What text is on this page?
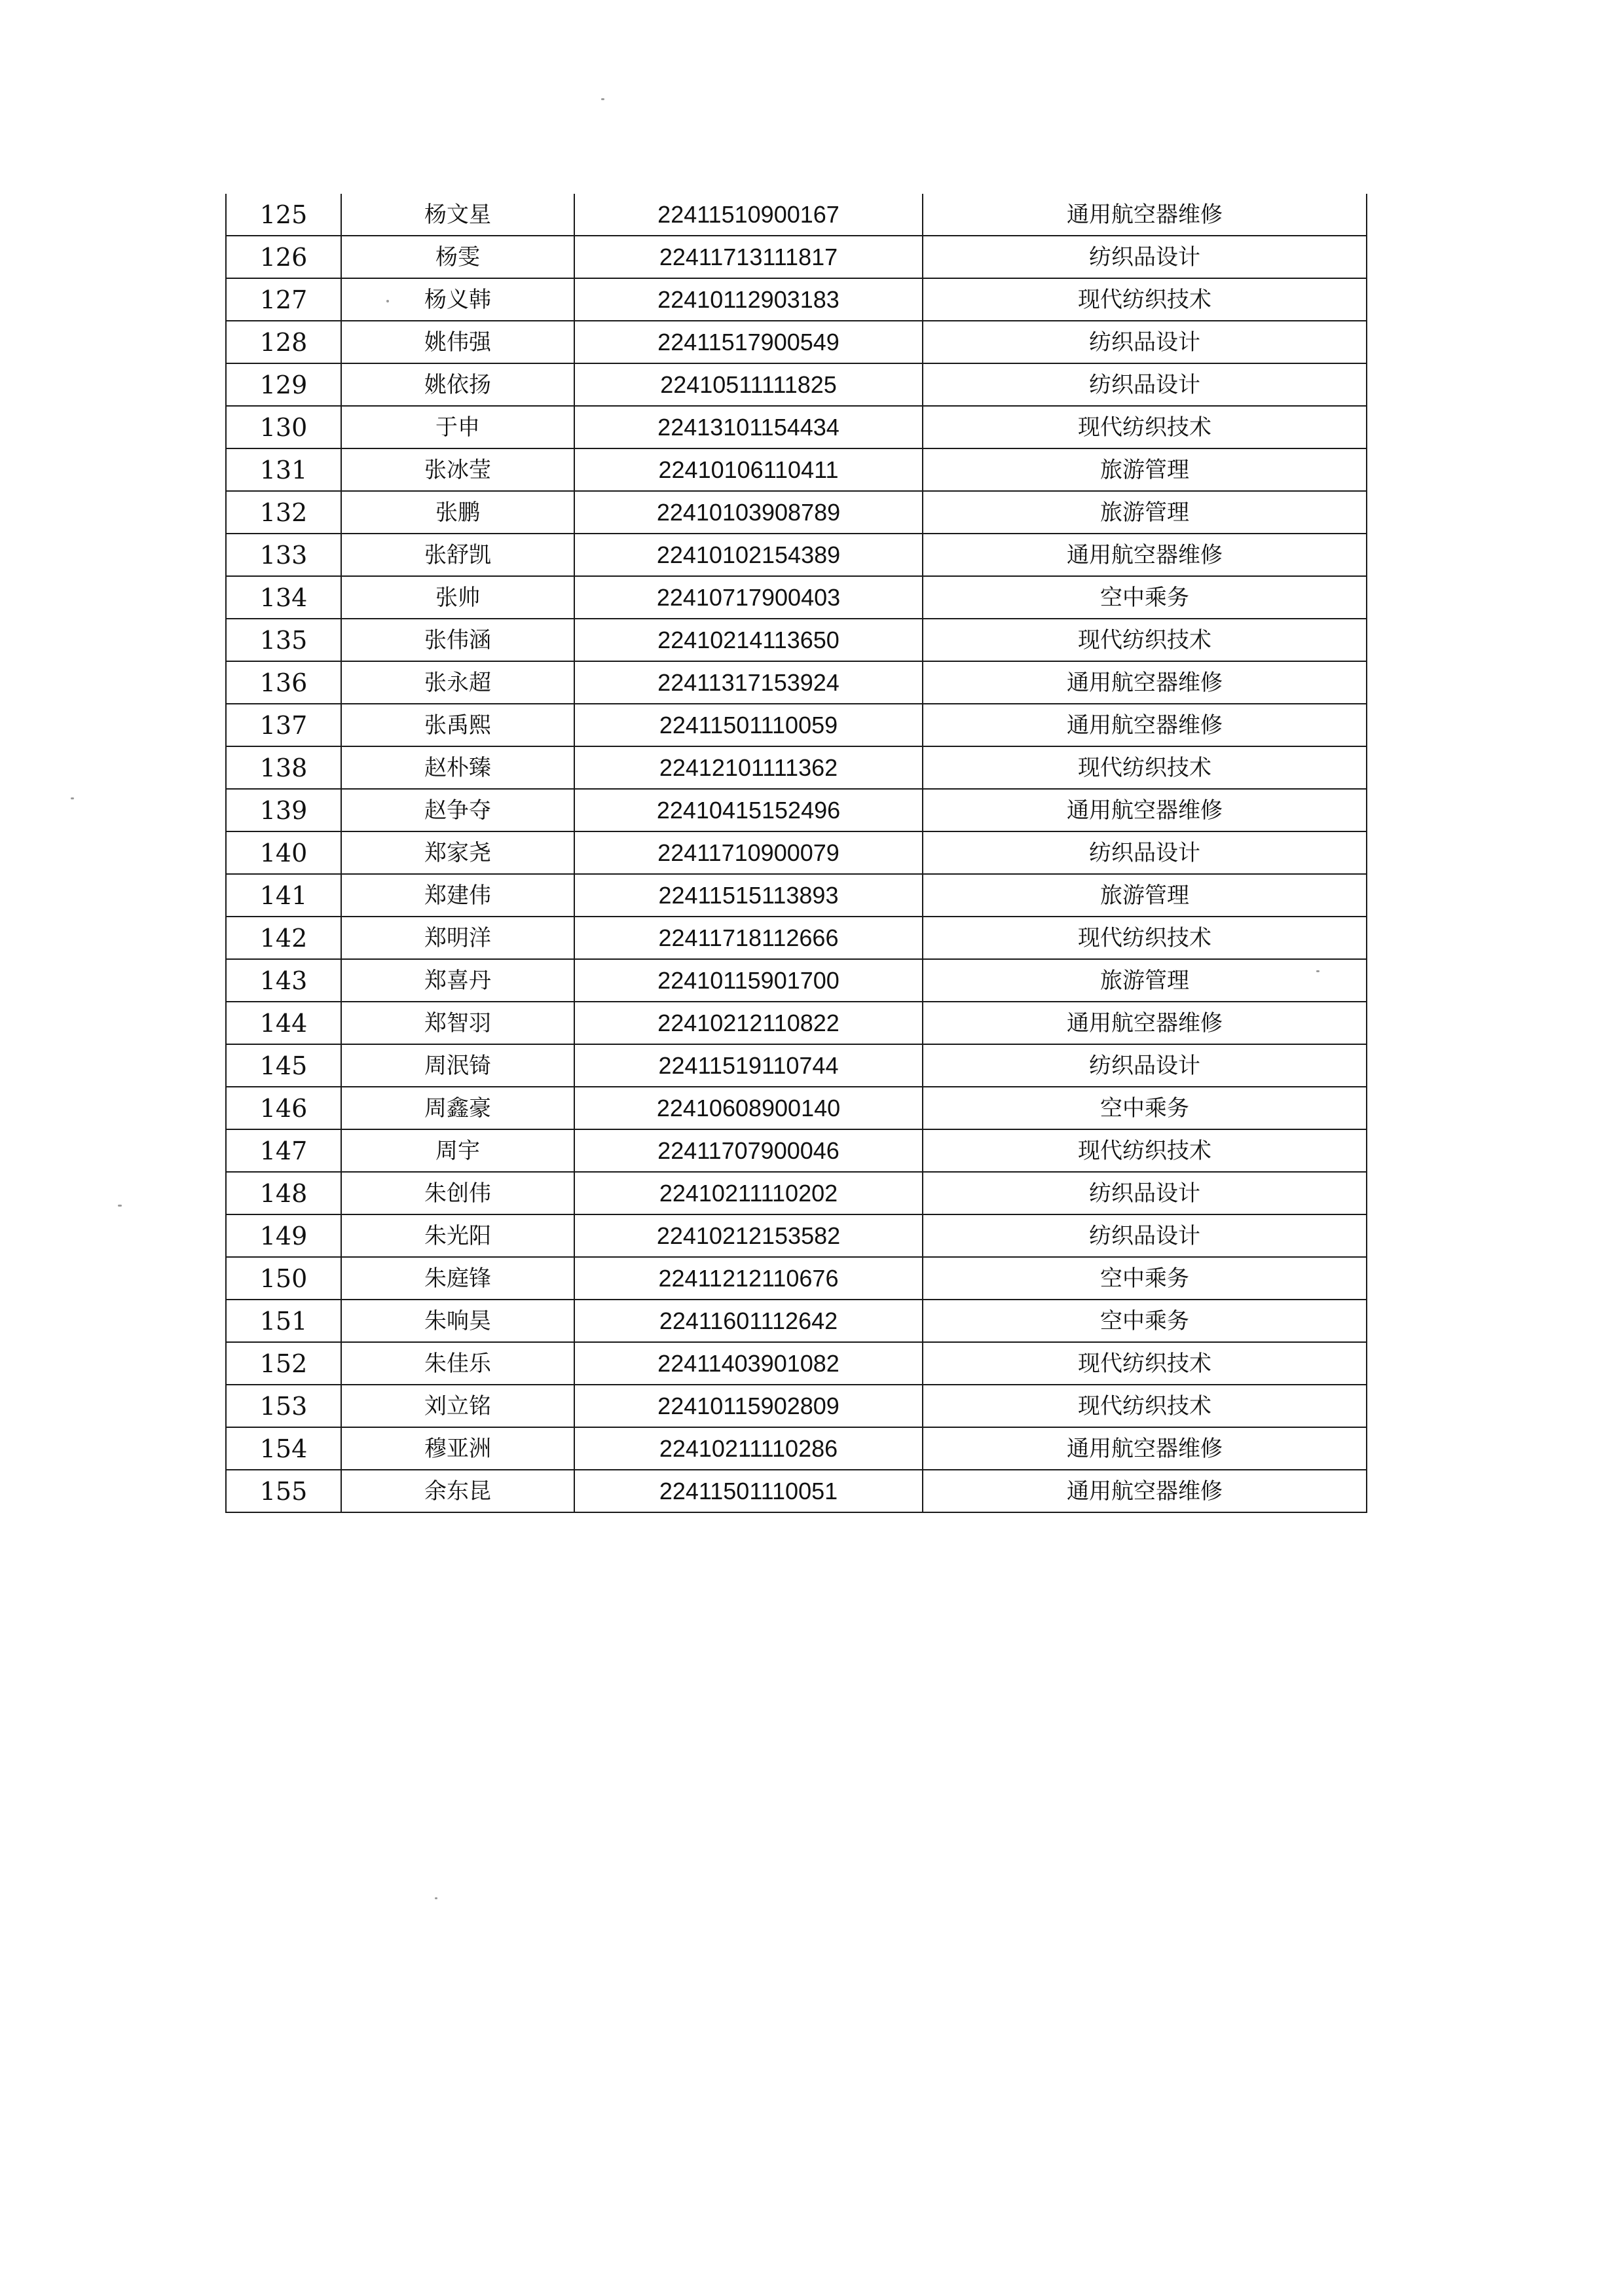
125	杨文星	22411510900167	通用航空器维修
126	杨雯	22411713111817	纺织品设计
127	杨义韩	22410112903183	现代纺织技术
128	姚伟强	22411517900549	纺织品设计
129	姚依扬	22410511111825	纺织品设计
130	于申	22413101154434	现代纺织技术
131	张冰莹	22410106110411	旅游管理
132	张鹏	22410103908789	旅游管理
133	张舒凯	22410102154389	通用航空器维修
134	张帅	22410717900403	空中乘务
135	张伟涵	22410214113650	现代纺织技术
136	张永超	22411317153924	通用航空器维修
137	张禹熙	22411501110059	通用航空器维修
138	赵朴臻	22412101111362	现代纺织技术
139	赵争夺	22410415152496	通用航空器维修
140	郑家尧	22411710900079	纺织品设计
141	郑建伟	22411515113893	旅游管理
142	郑明洋	22411718112666	现代纺织技术
143	郑喜丹	22410115901700	旅游管理
144	郑智羽	22410212110822	通用航空器维修
145	周泯锜	22411519110744	纺织品设计
146	周鑫豪	22410608900140	空中乘务
147	周宇	22411707900046	现代纺织技术
148	朱创伟	22410211110202	纺织品设计
149	朱光阳	22410212153582	纺织品设计
150	朱庭锋	22411212110676	空中乘务
151	朱响昊	22411601112642	空中乘务
152	朱佳乐	22411403901082	现代纺织技术
153	刘立铭	22410115902809	现代纺织技术
154	穆亚洲	22410211110286	通用航空器维修
155	余东昆	22411501110051	通用航空器维修
